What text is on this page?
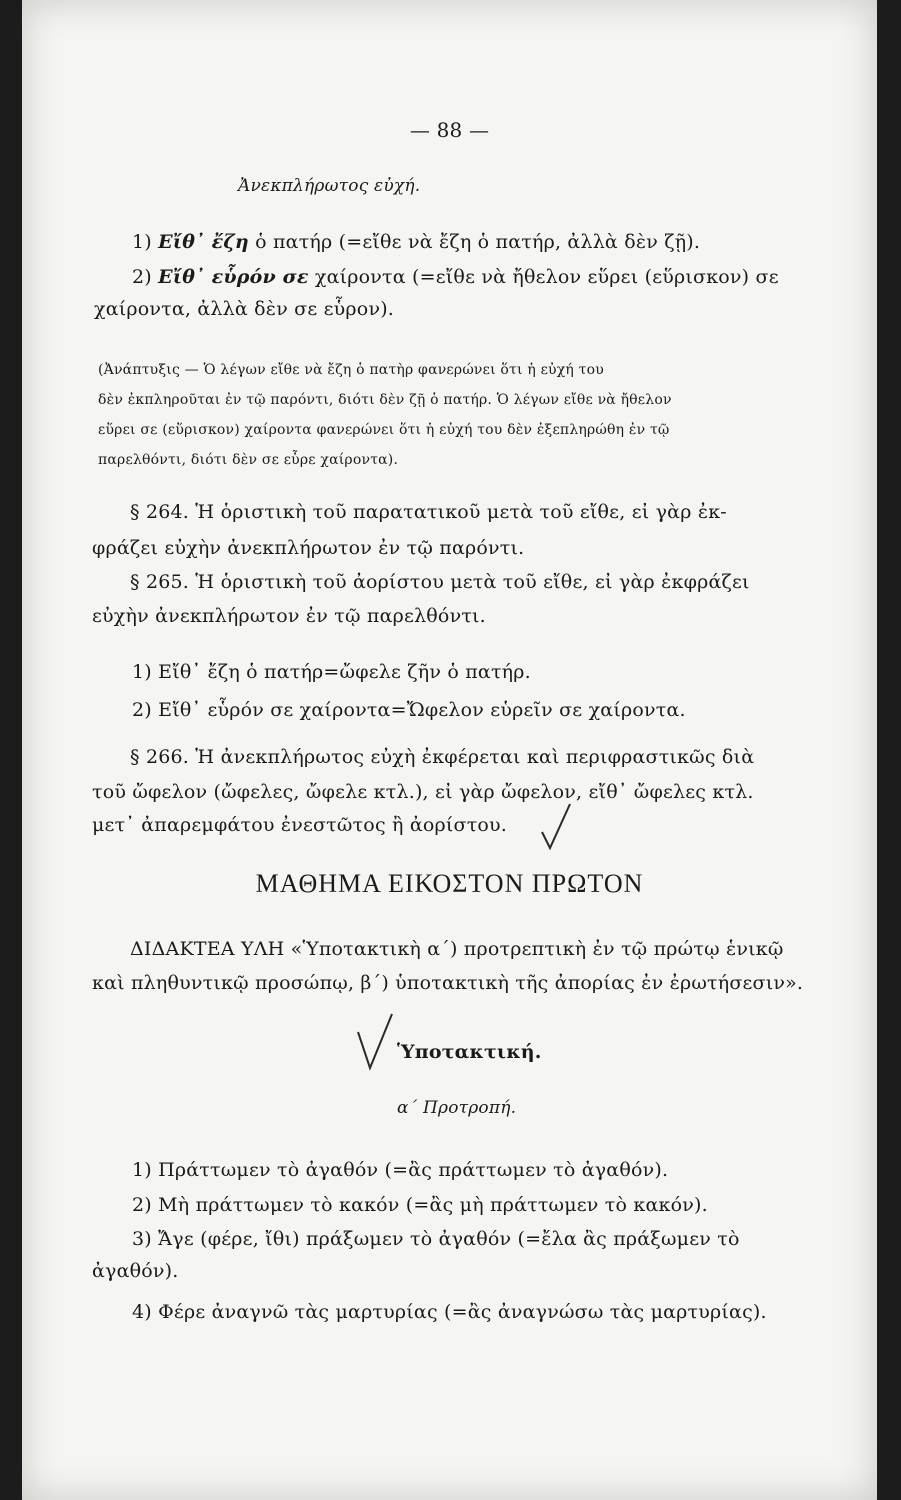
— 88 —
Ἀνεκπλήρωτος εὐχή.
1) Εἴθ᾿ ἔζη ὁ πατήρ (=εἴθε νὰ ἔζη ὁ πατήρ, ἀλλὰ δὲν ζῇ).
2) Εἴθ᾿ εὗρόν σε χαίροντα (=εἴθε νὰ ἤθελον εὕρει (εὕρισκον) σε
χαίροντα, ἀλλὰ δὲν σε εὗρον).
(Ἀνάπτυξις — Ὁ λέγων εἴθε νὰ ἔζη ὁ πατὴρ φανερώνει ὅτι ἡ εὐχή του
δὲν ἐκπληροῦται ἐν τῷ παρόντι, διότι δὲν ζῇ ὁ πατήρ. Ὁ λέγων εἴθε νὰ ἤθελον
εὕρει σε (εὕρισκον) χαίροντα φανερώνει ὅτι ἡ εὐχή του δὲν ἐξεπληρώθη ἐν τῷ
παρελθόντι, διότι δὲν σε εὗρε χαίροντα).
§ 264. Ἡ ὁριστικὴ τοῦ παρατατικοῦ μετὰ τοῦ εἴθε, εἰ γὰρ ἐκ-
φράζει εὐχὴν ἀνεκπλήρωτον ἐν τῷ παρόντι.
§ 265. Ἡ ὁριστικὴ τοῦ ἀορίστου μετὰ τοῦ εἴθε, εἰ γὰρ ἐκφράζει
εὐχὴν ἀνεκπλήρωτον ἐν τῷ παρελθόντι.
1) Εἴθ᾿ ἔζη ὁ πατήρ=ὤφελε ζῆν ὁ πατήρ.
2) Εἴθ᾿ εὗρόν σε χαίροντα=Ὤφελον εὑρεῖν σε χαίροντα.
§ 266. Ἡ ἀνεκπλήρωτος εὐχὴ ἐκφέρεται καὶ περιφραστικῶς διὰ
τοῦ ὤφελον (ὤφελες, ὤφελε κτλ.), εἰ γὰρ ὤφελον, εἴθ᾿ ὤφελες κτλ.
μετ᾿ ἀπαρεμφάτου ἐνεστῶτος ἢ ἀορίστου.
ΜΑΘΗΜΑ ΕΙΚΟΣΤΟΝ ΠΡΩΤΟΝ
ΔΙΔΑΚΤΕΑ ΥΛΗ «Ὑποτακτικὴ α΄) προτρεπτικὴ ἐν τῷ πρώτῳ ἑνικῷ
καὶ πληθυντικῷ προσώπῳ, β΄) ὑποτακτικὴ τῆς ἀπορίας ἐν ἐρωτήσεσιν».
Ὑποτακτική.
α΄ Προτροπή.
1) Πράττωμεν τὸ ἀγαθόν (=ἂς πράττωμεν τὸ ἀγαθόν).
2) Μὴ πράττωμεν τὸ κακόν (=ἂς μὴ πράττωμεν τὸ κακόν).
3) Ἄγε (φέρε, ἴθι) πράξωμεν τὸ ἀγαθόν (=ἔλα ἂς πράξωμεν τὸ
ἀγαθόν).
4) Φέρε ἀναγνῶ τὰς μαρτυρίας (=ἂς ἀναγνώσω τὰς μαρτυρίας).
